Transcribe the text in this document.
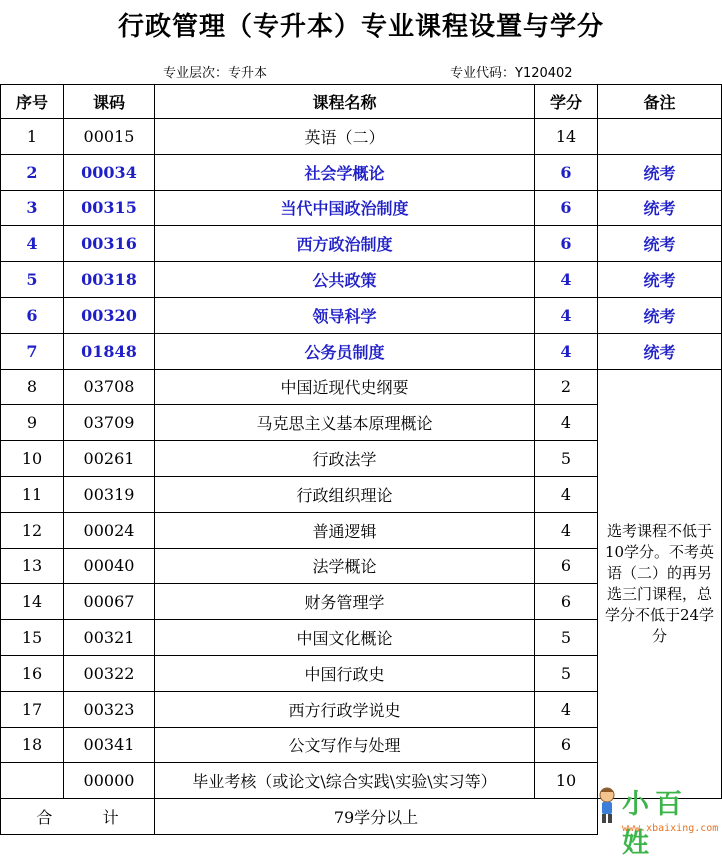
行政管理（专升本）专业课程设置与学分
专业层次：专升本	专业代码：Y120402
序号	课码	课程名称	学分	备注
1	00015	英语（二）	14	
2	00034	社会学概论	6	统考
3	00315	当代中国政治制度	6	统考
4	00316	西方政治制度	6	统考
5	00318	公共政策	4	统考
6	00320	领导科学	4	统考
7	01848	公务员制度	4	统考
8	03708	中国近现代史纲要	2	选考课程不低于10学分。不考英语（二）的再另选三门课程，总学分不低于24学分
9	03709	马克思主义基本原理概论	4	
10	00261	行政法学	5	
11	00319	行政组织理论	4	
12	00024	普通逻辑	4	
13	00040	法学概论	6	
14	00067	财务管理学	6	
15	00321	中国文化概论	5	
16	00322	中国行政史	5	
17	00323	西方行政学说史	4	
18	00341	公文写作与处理	6	
	00000	毕业考核（或论文\综合实践\实验\实习等）	10	
合 计		79学分以上			小百姓
www.xbaixing.com
